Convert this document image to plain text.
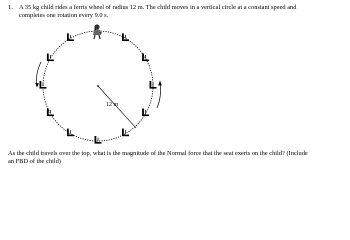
1. A 35 kg child rides a ferris wheel of radius 12 m. The child moves in a vertical circle at a constant speed and
completes one rotation every 9.0 s.
12 m
As the child travels over the top, what is the magnitude of the Normal force that the seat exerts on the child? (Include
an FBD of the child)
